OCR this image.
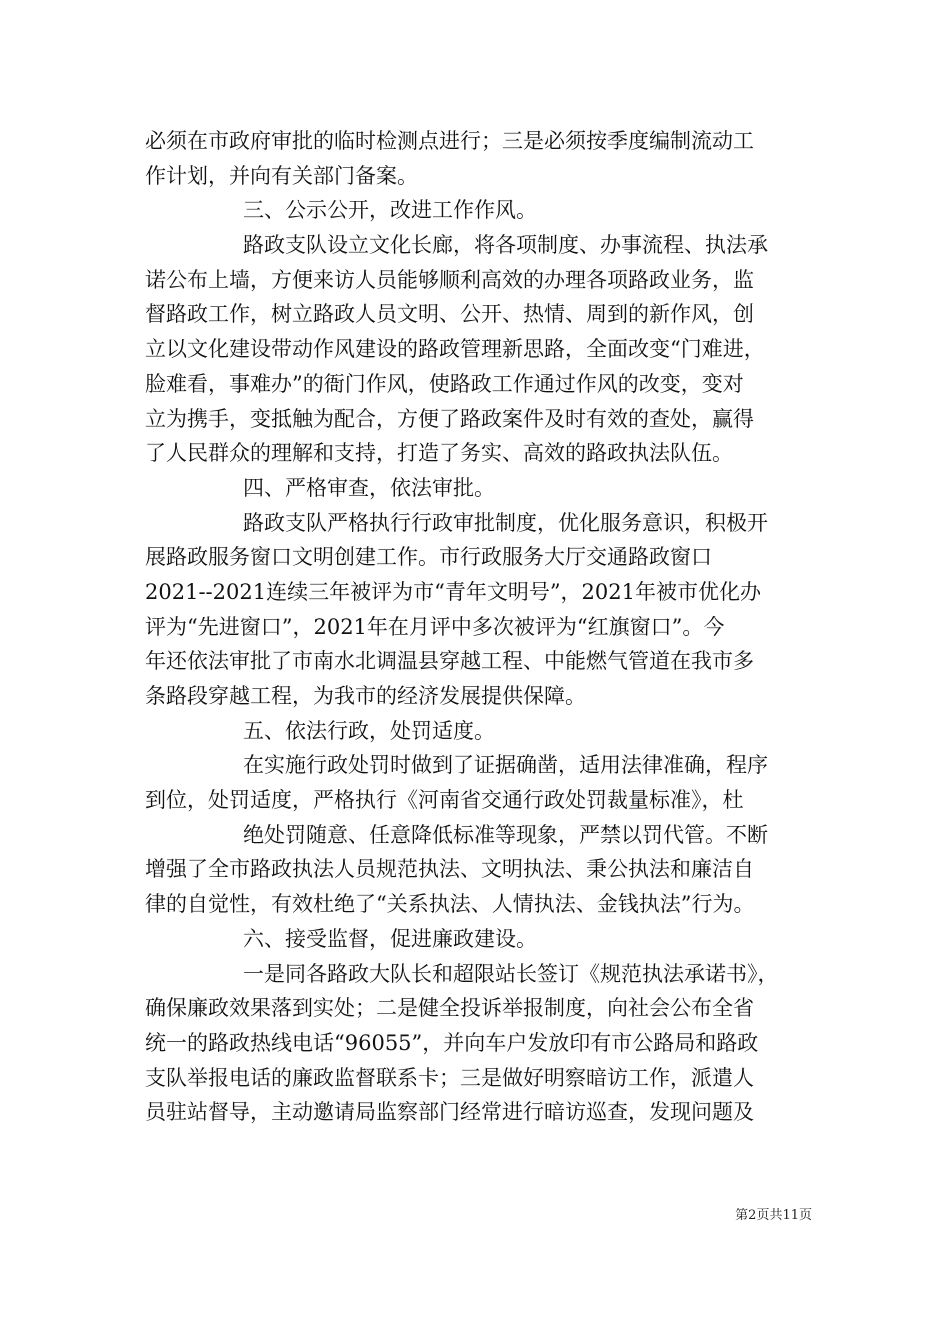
必须在市政府审批的临时检测点进行；三是必须按季度编制流动工
作计划，并向有关部门备案。
三、公示公开，改进工作作风。
路政支队设立文化长廊，将各项制度、办事流程、执法承
诺公布上墙，方便来访人员能够顺利高效的办理各项路政业务，监
督路政工作，树立路政人员文明、公开、热情、周到的新作风，创
立以文化建设带动作风建设的路政管理新思路，全面改变“门难进，
脸难看，事难办”的衙门作风，使路政工作通过作风的改变，变对
立为携手，变抵触为配合，方便了路政案件及时有效的查处，赢得
了人民群众的理解和支持，打造了务实、高效的路政执法队伍。
四、严格审查，依法审批。
路政支队严格执行行政审批制度，优化服务意识，积极开
展路政服务窗口文明创建工作。市行政服务大厅交通路政窗口
2021--2021连续三年被评为市“青年文明号”，2021年被市优化办
评为“先进窗口”，2021年在月评中多次被评为“红旗窗口”。今
年还依法审批了市南水北调温县穿越工程、中能燃气管道在我市多
条路段穿越工程，为我市的经济发展提供保障。
五、依法行政，处罚适度。
在实施行政处罚时做到了证据确凿，适用法律准确，程序
到位，处罚适度，严格执行《河南省交通行政处罚裁量标准》，杜
绝处罚随意、任意降低标准等现象，严禁以罚代管。不断
增强了全市路政执法人员规范执法、文明执法、秉公执法和廉洁自
律的自觉性，有效杜绝了“关系执法、人情执法、金钱执法”行为。
六、接受监督，促进廉政建设。
一是同各路政大队长和超限站长签订《规范执法承诺书》，
确保廉政效果落到实处；二是健全投诉举报制度，向社会公布全省
统一的路政热线电话“96055”，并向车户发放印有市公路局和路政
支队举报电话的廉政监督联系卡；三是做好明察暗访工作，派遣人
员驻站督导，主动邀请局监察部门经常进行暗访巡查，发现问题及
第2页共11页
